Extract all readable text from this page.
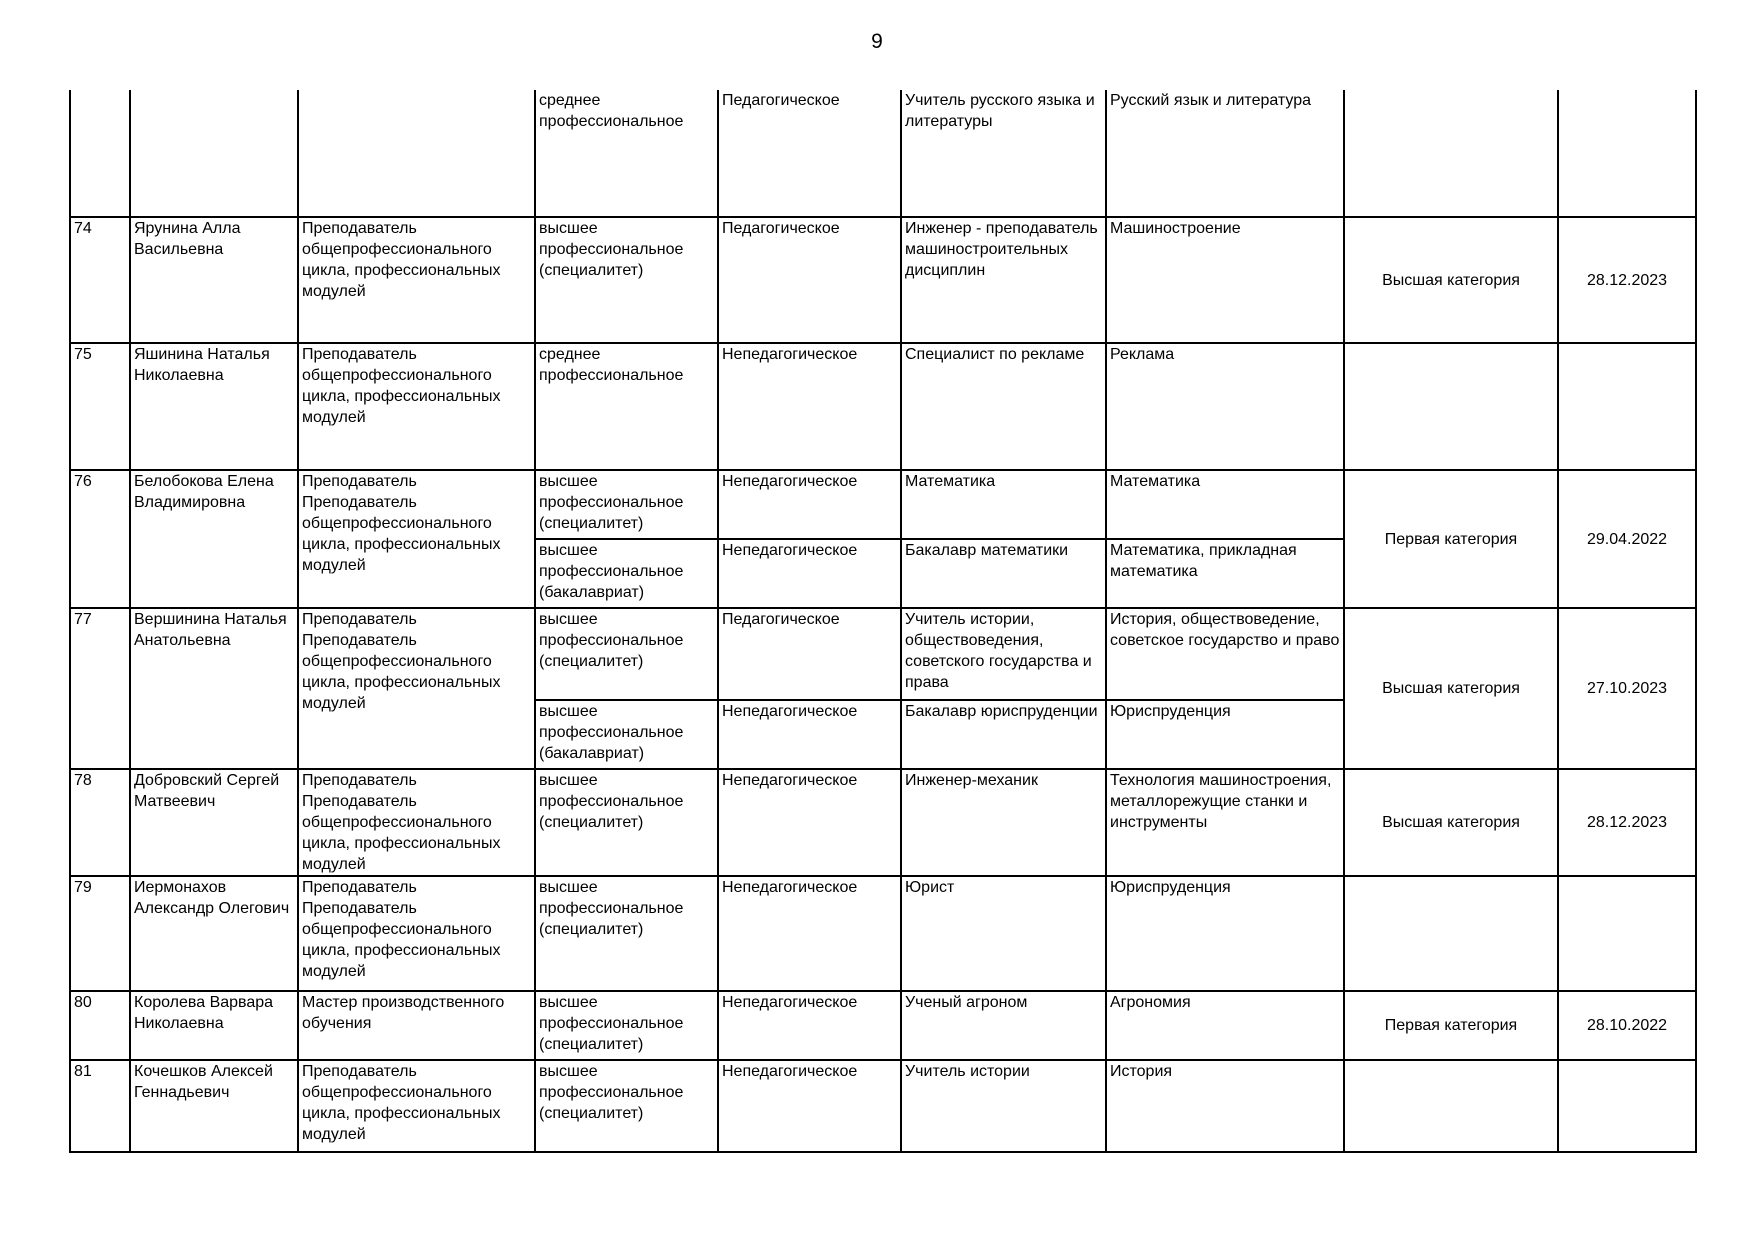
9
			среднее профессиональное	Педагогическое	Учитель русского языка и литературы	Русский язык и литература		
74	Ярунина Алла Васильевна	Преподаватель общепрофессионального цикла, профессиональных модулей	высшее профессиональное (специалитет)	Педагогическое	Инженер - преподаватель машиностроительных дисциплин	Машиностроение	Высшая категория	28.12.2023
75	Яшинина Наталья Николаевна	Преподаватель общепрофессионального цикла, профессиональных модулей	среднее профессиональное	Непедагогическое	Специалист по рекламе	Реклама		
76	Белобокова Елена Владимировна	Преподаватель Преподаватель общепрофессионального цикла, профессиональных модулей	высшее профессиональное (специалитет)	Непедагогическое	Математика	Математика	Первая категория	29.04.2022
			высшее профессиональное (бакалавриат)	Непедагогическое	Бакалавр математики	Математика, прикладная математика		
77	Вершинина Наталья Анатольевна	Преподаватель Преподаватель общепрофессионального цикла, профессиональных модулей	высшее профессиональное (специалитет)	Педагогическое	Учитель истории, обществоведения, советского государства и права	История, обществоведение, советское государство и право	Высшая категория	27.10.2023
			высшее профессиональное (бакалавриат)	Непедагогическое	Бакалавр юриспруденции	Юриспруденция		
78	Добровский Сергей Матвеевич	Преподаватель Преподаватель общепрофессионального цикла, профессиональных модулей	высшее профессиональное (специалитет)	Непедагогическое	Инженер-механик	Технология машиностроения, металлорежущие станки и инструменты	Высшая категория	28.12.2023
79	Иермонахов Александр Олегович	Преподаватель Преподаватель общепрофессионального цикла, профессиональных модулей	высшее профессиональное (специалитет)	Непедагогическое	Юрист	Юриспруденция		
80	Королева Варвара Николаевна	Мастер производственного обучения	высшее профессиональное (специалитет)	Непедагогическое	Ученый агроном	Агрономия	Первая категория	28.10.2022
81	Кочешков Алексей Геннадьевич	Преподаватель общепрофессионального цикла, профессиональных модулей	высшее профессиональное (специалитет)	Непедагогическое	Учитель истории	История		
